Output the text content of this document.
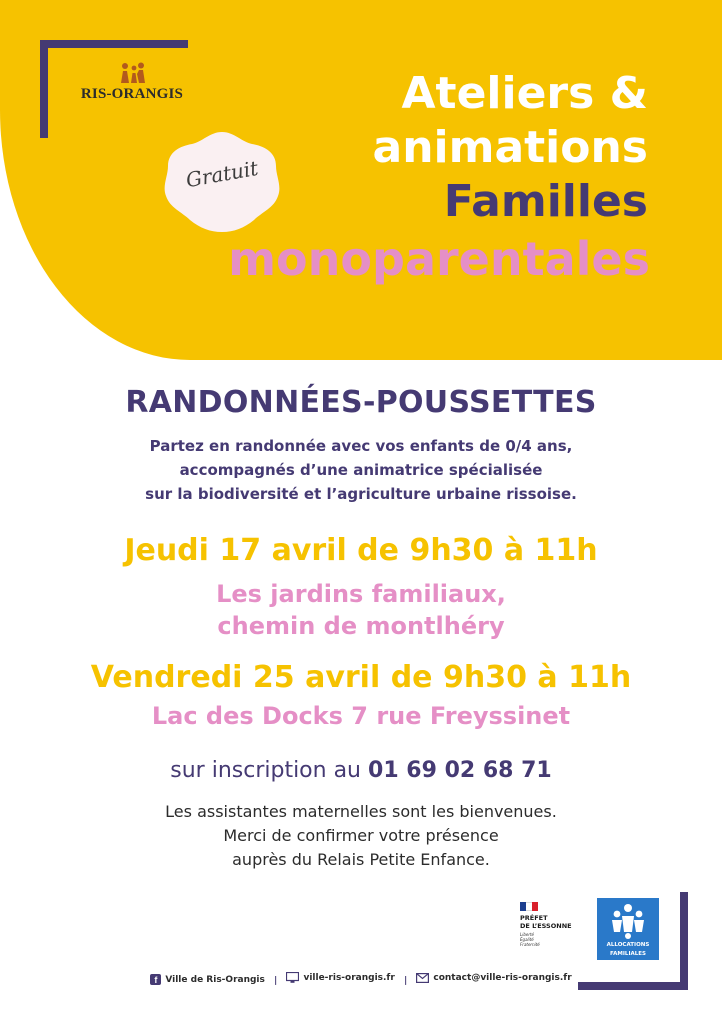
RIS-ORANGIS
Gratuit
Ateliers &
animations
Familles
monoparentales
RANDONNÉES-POUSSETTES
Partez en randonnée avec vos enfants de 0/4 ans,
accompagnés d’une animatrice spécialisée
sur la biodiversité et l’agriculture urbaine rissoise.
Jeudi 17 avril de 9h30 à 11h
Les jardins familiaux,
chemin de montlhéry
Vendredi 25 avril de 9h30 à 11h
Lac des Docks 7 rue Freyssinet
sur inscription au 01 69 02 68 71
Les assistantes maternelles sont les bienvenues.
Merci de confirmer votre présence
auprès du Relais Petite Enfance.
PRÉFET
DE L’ESSONNE
Liberté
Égalité
Fraternité	ALLOCATIONS
FAMILIALES
f Ville de Ris-Orangis |	ville-ris-orangis.fr |	contact@ville-ris-orangis.fr
